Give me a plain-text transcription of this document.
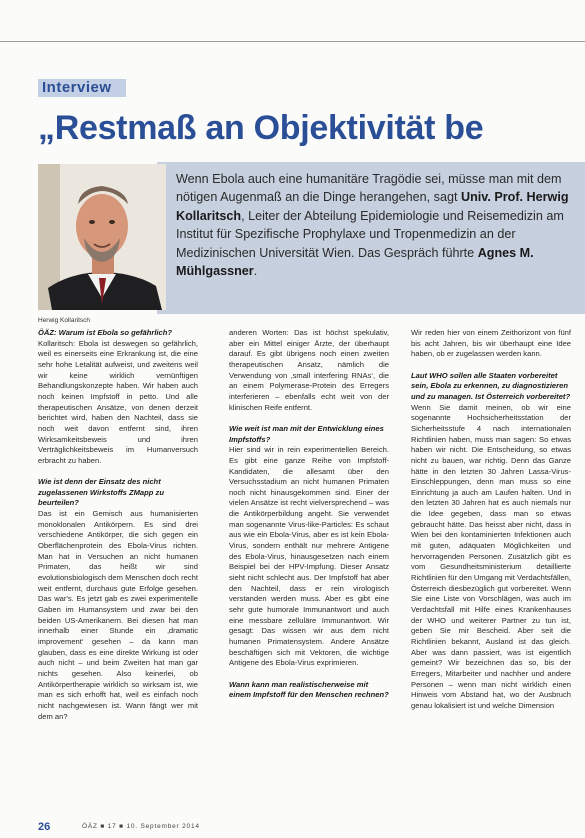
Interview
„Restmaß an Objektivität be
Wenn Ebola auch eine humanitäre Tragödie sei, müsse man mit dem nötigen Augenmaß an die Dinge herangehen, sagt Univ. Prof. Herwig Kollaritsch, Leiter der Abteilung Epidemiologie und Reisemedizin am Institut für Spezifische Prophylaxe und Tropenmedizin an der Medizinischen Universität Wien. Das Gespräch führte Agnes M. Mühlgassner.
Herwig Kollaritsch

ÖÄZ: Warum ist Ebola so gefährlich?

Kollaritsch: Ebola ist deswegen so gefährlich, weil es einerseits eine Erkrankung ist, die eine sehr hohe Letalität aufweist, und zweitens weil wir keine wirklich vernünftigen Behandlungskonzepte haben. Wir haben auch noch keinen Impfstoff in petto. Und alle therapeutischen Ansätze, von denen derzeit berichtet wird, haben den Nachteil, dass sie noch weit davon entfernt sind, ihren Wirksamkeitsbeweis und ihren Verträglichkeitsbeweis im Humanversuch erbracht zu haben.

Wie ist denn der Einsatz des nicht zugelassenen Wirkstoffs ZMapp zu beurteilen?

Das ist ein Gemisch aus humanisierten monoklonalen Antikörpern. Es sind drei verschiedene Antikörper, die sich gegen ein Oberflächenprotein des Ebola-Virus richten. Man hat in Versuchen an nicht humanen Primaten, das heißt wir sind evolutionsbiologisch dem Menschen doch recht weit entfernt, durchaus gute Erfolge gesehen. Das war's. Es jetzt gab es zwei experimentelle Gaben im Humansystem und zwar bei den beiden US-Amerikanern. Bei diesen hat man innerhalb einer Stunde ein ‚dramatic improvement‘ gesehen – da kann man glauben, dass es eine direkte Wirkung ist oder auch nicht – und beim Zweiten hat man gar nichts gesehen. Also keinerlei, ob Antikörpertherapie wirklich so wirksam ist, wie man es sich erhofft hat, weil es einfach noch nicht nachgewiesen ist. Wann fängt wer mit dem an?

anderen Worten: Das ist höchst spekulativ, aber ein Mittel einiger Ärzte, der überhaupt darauf. Es gibt übrigens noch einen zweiten therapeutischen Ansatz, nämlich die Verwendung von ‚small interfering RNAs‘, die an einem Polymerase-Protein des Erregers interferieren – ebenfalls echt weit von der klinischen Reife entfernt.

Wie weit ist man mit der Entwicklung eines Impfstoffs?

Hier sind wir in rein experimentellen Bereich. Es gibt eine ganze Reihe von Impfstoff-Kandidaten, die allesamt über den Versuchsstadium an nicht humanen Primaten noch nicht hinausgekommen sind. Einer der vielen Ansätze ist recht vielversprechend – was die Antikörperbildung angeht. Sie verwendet man sogenannte Virus-like-Particles: Es schaut aus wie ein Ebola-Virus, aber es ist kein Ebola-Virus, sondern enthält nur mehrere Antigene des Ebola-Virus, hinausgesetzen nach einem Beispiel bei der HPV-Impfung. Dieser Ansatz sieht nicht schlecht aus. Der Impfstoff hat aber den Nachteil, dass er rein virologisch verstanden werden muss. Aber es gibt eine sehr gute humorale Immunantwort und auch eine messbare zelluläre Immunantwort. Wir gesagt: Das wissen wir aus dem nicht humanen Primatensystem. Andere Ansätze beschäftigen sich mit Vektoren, die wichtige Antigene des Ebola-Virus exprimieren.

Wann kann man realistischerweise mit einem Impfstoff für den Menschen rechnen?

Wir reden hier von einem Zeithorizont von fünf bis acht Jahren, bis wir überhaupt eine Idee haben, ob er zugelassen werden kann.

Laut WHO sollen alle Staaten vorbereitet sein, Ebola zu erkennen, zu diagnostizieren und zu managen. Ist Österreich vorbereitet?

Wenn Sie damit meinen, ob wir eine sogenannte Hochsicherheitsstation der Sicherheitsstufe 4 nach internationalen Richtlinien haben, muss man sagen: So etwas haben wir nicht. Die Entscheidung, so etwas nicht zu bauen, war richtig. Denn das Ganze hätte in den letzten 30 Jahren Lassa-Virus-Einschleppungen, denn man muss so eine Einrichtung ja auch am Laufen halten. Und in den letzten 30 Jahren hat es auch niemals nur die Idee gegeben, dass man so etwas gebraucht hätte. Das heisst aber nicht, dass in Wien bei den kontaminierten Infektionen auch mit guten, adäquaten Möglichkeiten und hervorragenden Personen. Zusätzlich gibt es vom Gesundheitsministerium detaillierte Richtlinien für den Umgang mit Verdachtsfällen, Österreich diesbezüglich gut vorbereitet. Wenn Sie eine Liste von Vorschlägen, was auch im Verdachtsfall mit Hilfe eines Krankenhauses der WHO und weiterer Partner zu tun ist, geben Sie mir Bescheid. Aber seit die Richtlinien bekannt, Ausland ist das gleich. Aber was dann passiert, was ist eigentlich gemeint? Wir bezeichnen das so, bis der Erregers, Mitarbeiter und nachher und andere Personen – wenn man nicht wirklich einen Hinweis vom Abstand hat, wo der Ausbruch genau lokalisiert ist und welche Dimension

26	ÖÄZ ■ 17 ■ 10. September 2014
